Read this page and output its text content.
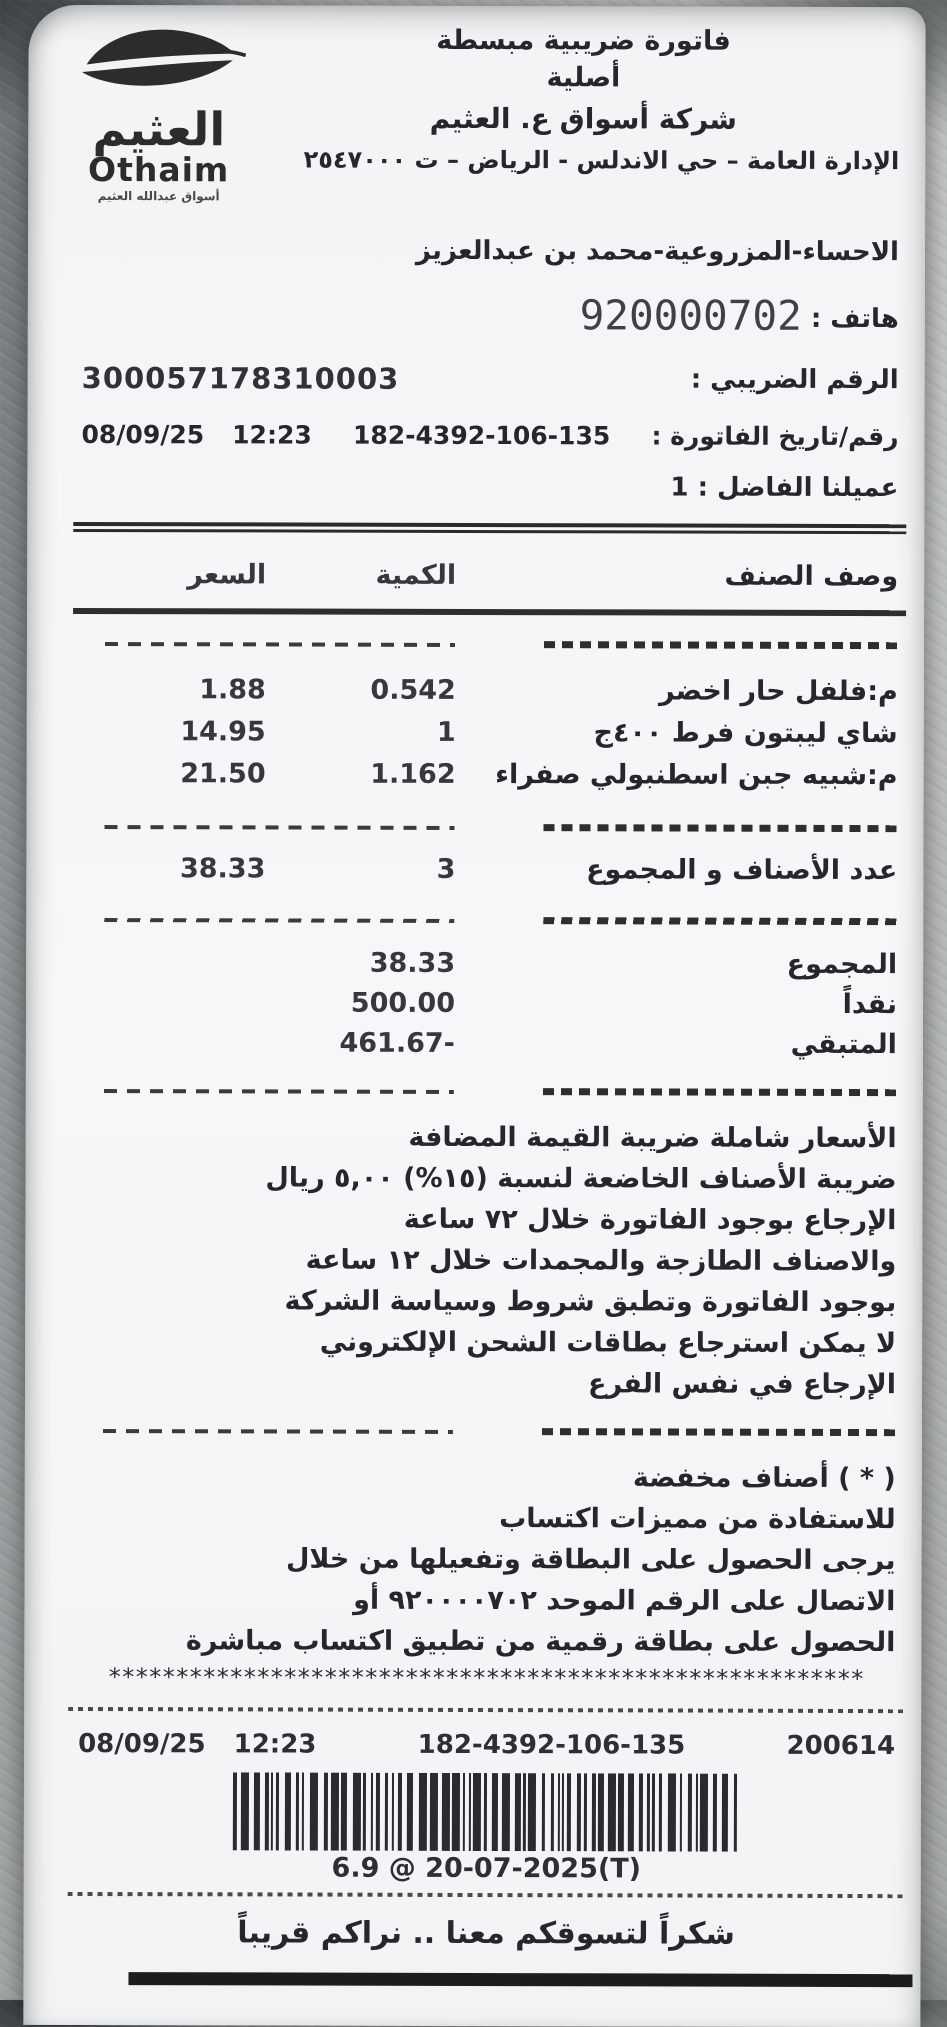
العثيم
Othaim
أسواق عبدالله العثيم
فاتورة ضريبية مبسطة
أصلية
شركة أسواق ع. العثيم
الإدارة العامة – حي الاندلس - الرياض – ت ٢٥٤٧٠٠٠
الاحساء-المزروعية-محمد بن عبدالعزيز
هاتف : 920000702
الرقم الضريبي :
300057178310003
رقم/تاريخ الفاتورة :
182-4392-106-135
08/09/25 12:23
عميلنا الفاضل : 1
وصف الصنف
الكمية
السعر
م:فلفل حار اخضر
0.542
1.88
شاي ليبتون فرط ٤٠٠ج
1
14.95
م:شبيه جبن اسطنبولي صفراء
1.162
21.50
عدد الأصناف و المجموع
3
38.33
المجموع
38.33
نقداً
500.00
المتبقي
-461.67
الأسعار شاملة ضريبة القيمة المضافة
ضريبة الأصناف الخاضعة لنسبة (١٥%) ٥,٠٠ ريال
الإرجاع بوجود الفاتورة خلال ٧٢ ساعة
والاصناف الطازجة والمجمدات خلال ١٢ ساعة
بوجود الفاتورة وتطبق شروط وسياسة الشركة
لا يمكن استرجاع بطاقات الشحن الإلكتروني
الإرجاع في نفس الفرع
( * ) أصناف مخفضة
للاستفادة من مميزات اكتساب
يرجى الحصول على البطاقة وتفعيلها من خلال
الاتصال على الرقم الموحد ٩٢٠٠٠٠٧٠٢ أو
الحصول على بطاقة رقمية من تطبيق اكتساب مباشرة
********************************************************
08/09/25 12:23	182-4392-106-135	200614
6.9 @ 20-07-2025(T)
شكراً لتسوقكم معنا .. نراكم قريباً
